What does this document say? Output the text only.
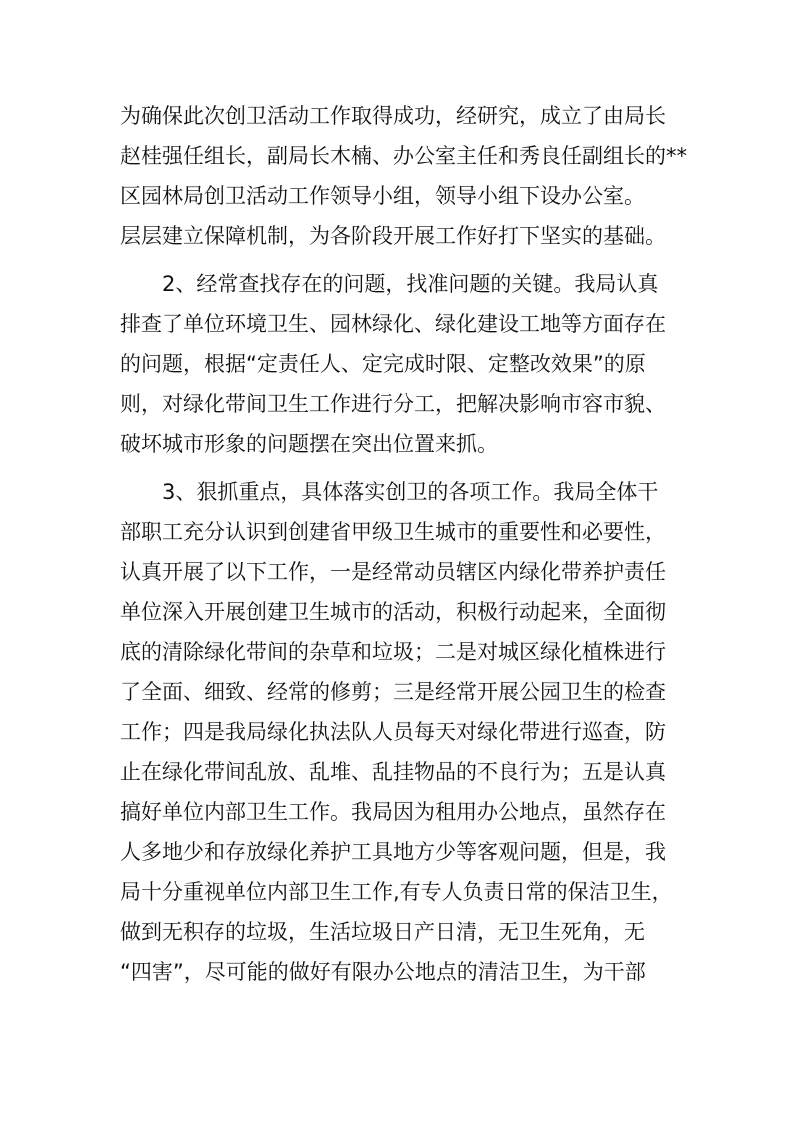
为确保此次创卫活动工作取得成功，经研究，成立了由局长
赵桂强任组长，副局长木楠、办公室主任和秀良任副组长的**
区园林局创卫活动工作领导小组，领导小组下设办公室。
层层建立保障机制，为各阶段开展工作好打下坚实的基础。
2、经常查找存在的问题，找准问题的关键。我局认真
排查了单位环境卫生、园林绿化、绿化建设工地等方面存在
的问题，根据“定责任人、定完成时限、定整改效果”的原
则，对绿化带间卫生工作进行分工，把解决影响市容市貌、
破坏城市形象的问题摆在突出位置来抓。
3、狠抓重点，具体落实创卫的各项工作。我局全体干
部职工充分认识到创建省甲级卫生城市的重要性和必要性，
认真开展了以下工作，一是经常动员辖区内绿化带养护责任
单位深入开展创建卫生城市的活动，积极行动起来，全面彻
底的清除绿化带间的杂草和垃圾；二是对城区绿化植株进行
了全面、细致、经常的修剪；三是经常开展公园卫生的检查
工作；四是我局绿化执法队人员每天对绿化带进行巡查，防
止在绿化带间乱放、乱堆、乱挂物品的不良行为；五是认真
搞好单位内部卫生工作。我局因为租用办公地点，虽然存在
人多地少和存放绿化养护工具地方少等客观问题，但是，我
局十分重视单位内部卫生工作,有专人负责日常的保洁卫生，
做到无积存的垃圾，生活垃圾日产日清，无卫生死角，无
“四害”，尽可能的做好有限办公地点的清洁卫生，为干部
